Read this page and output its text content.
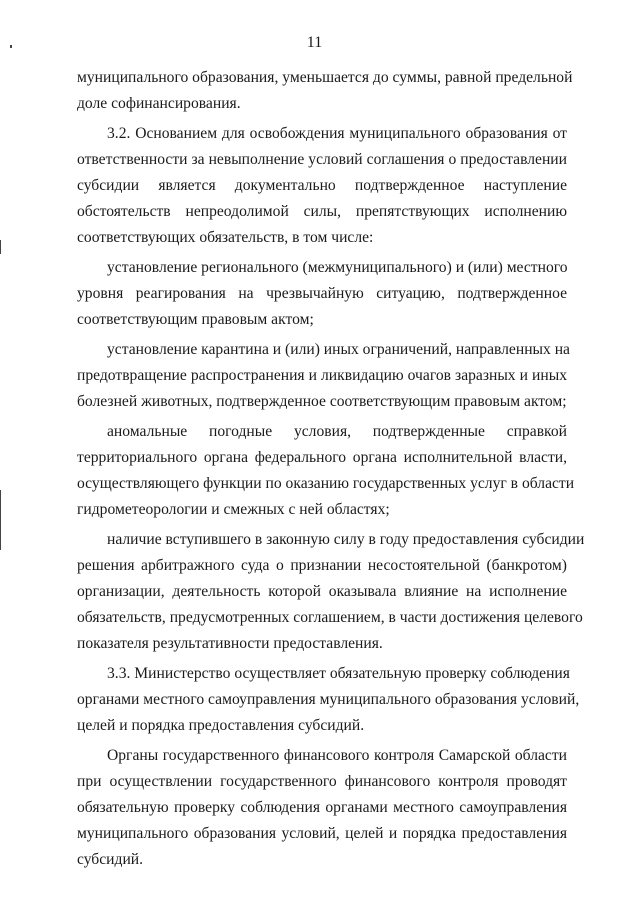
11
муниципального образования, уменьшается до суммы, равной предельной
доле софинансирования.
3.2. Основанием для освобождения муниципального образования от
ответственности за невыполнение условий соглашения о предоставлении
субсидии является документально подтвержденное наступление
обстоятельств непреодолимой силы, препятствующих исполнению
соответствующих обязательств, в том числе:
установление регионального (межмуниципального) и (или) местного
уровня реагирования на чрезвычайную ситуацию, подтвержденное
соответствующим правовым актом;
установление карантина и (или) иных ограничений, направленных на
предотвращение распространения и ликвидацию очагов заразных и иных
болезней животных, подтвержденное соответствующим правовым актом;
аномальные погодные условия, подтвержденные справкой
территориального органа федерального органа исполнительной власти,
осуществляющего функции по оказанию государственных услуг в области
гидрометеорологии и смежных с ней областях;
наличие вступившего в законную силу в году предоставления субсидии
решения арбитражного суда о признании несостоятельной (банкротом)
организации, деятельность которой оказывала влияние на исполнение
обязательств, предусмотренных соглашением, в части достижения целевого
показателя результативности предоставления.
3.3. Министерство осуществляет обязательную проверку соблюдения
органами местного самоуправления муниципального образования условий,
целей и порядка предоставления субсидий.
Органы государственного финансового контроля Самарской области
при осуществлении государственного финансового контроля проводят
обязательную проверку соблюдения органами местного самоуправления
муниципального образования условий, целей и порядка предоставления
субсидий.
